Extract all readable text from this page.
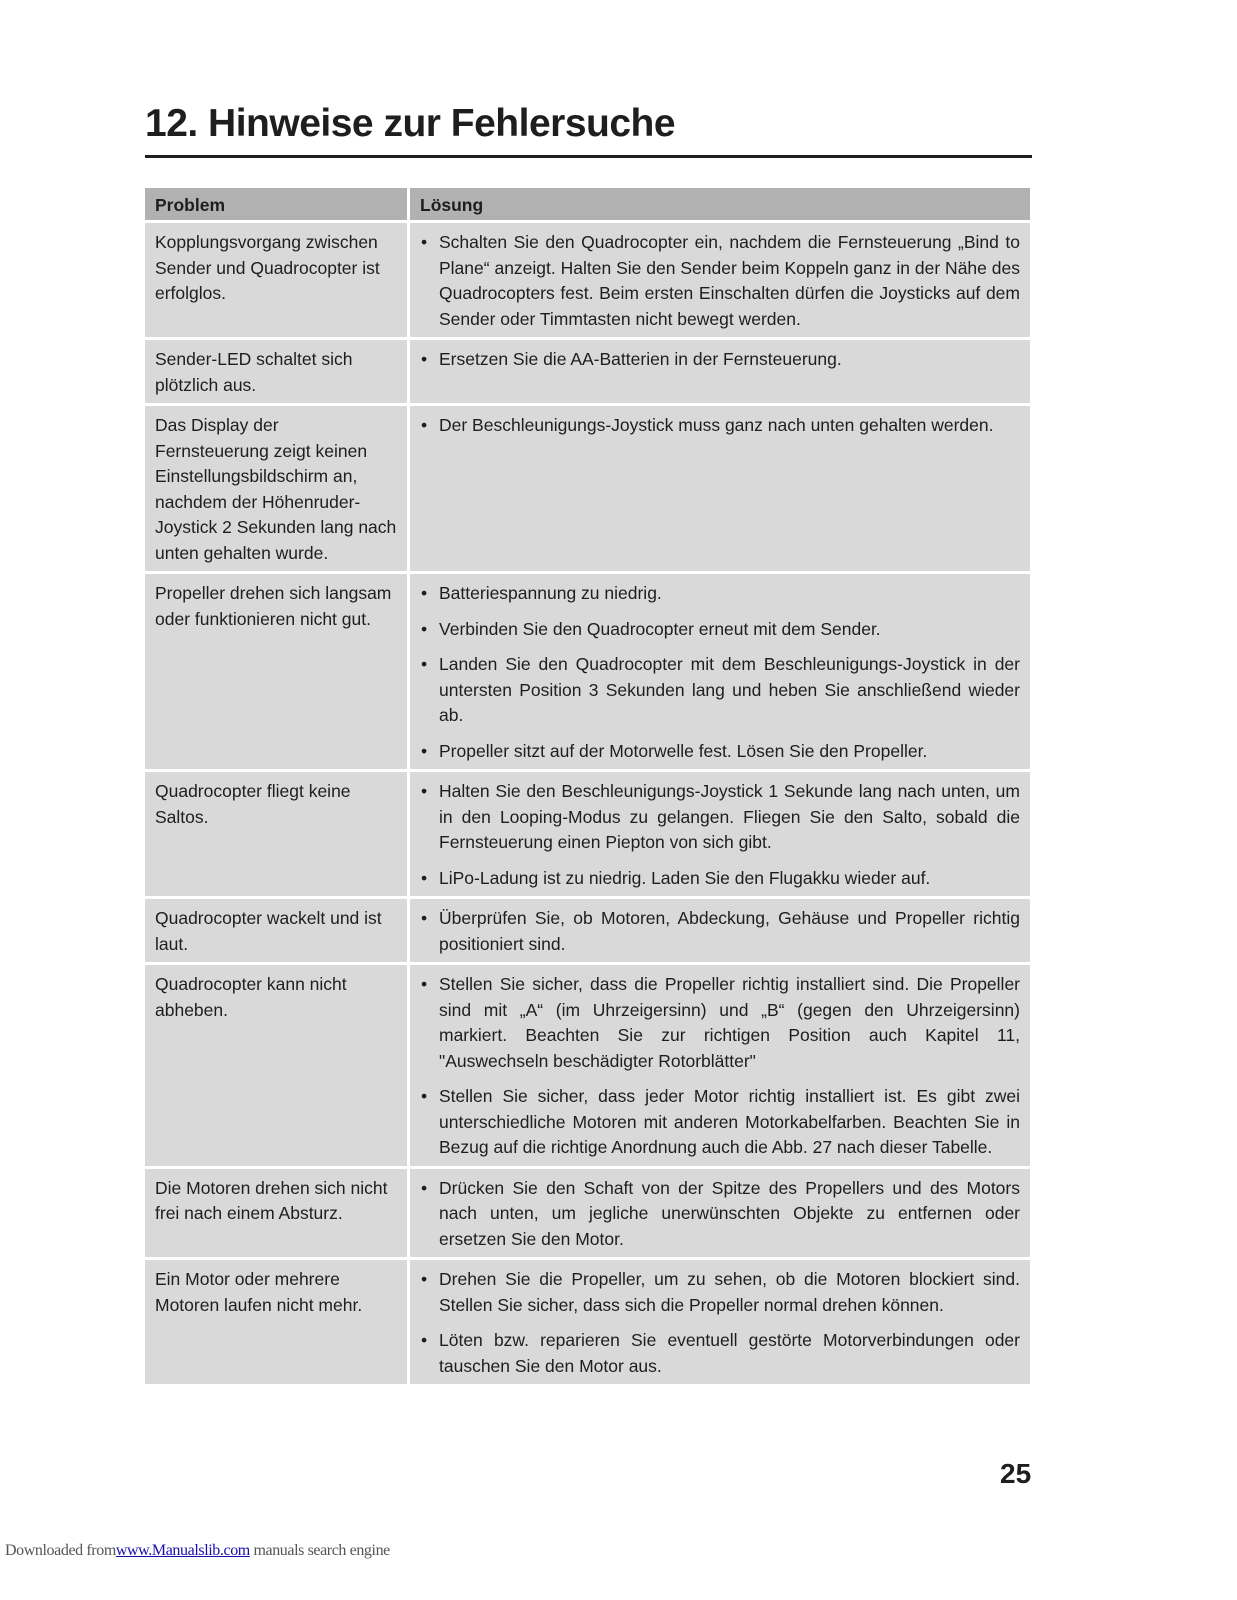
12. Hinweise zur Fehlersuche
Problem	Lösung
Kopplungsvorgang zwischen Sender und Quadrocopter ist erfolglos.
• Schalten Sie den Quadrocopter ein, nachdem die Fernsteuerung „Bind to Plane“ anzeigt. Halten Sie den Sender beim Koppeln ganz in der Nähe des Quadrocopters fest. Beim ersten Einschalten dürfen die Joysticks auf dem Sender oder Timmtasten nicht bewegt werden.
Sender-LED schaltet sich plötzlich aus.
• Ersetzen Sie die AA-Batterien in der Fernsteuerung.
Das Display der Fernsteuerung zeigt keinen Einstellungsbildschirm an, nachdem der Höhenruder-Joystick 2 Sekunden lang nach unten gehalten wurde.
• Der Beschleunigungs-Joystick muss ganz nach unten gehalten werden.
Propeller drehen sich langsam oder funktionieren nicht gut.
• Batteriespannung zu niedrig.
• Verbinden Sie den Quadrocopter erneut mit dem Sender.
• Landen Sie den Quadrocopter mit dem Beschleunigungs-Joystick in der untersten Position 3 Sekunden lang und heben Sie anschließend wieder ab.
• Propeller sitzt auf der Motorwelle fest. Lösen Sie den Propeller.
Quadrocopter fliegt keine Saltos.
• Halten Sie den Beschleunigungs-Joystick 1 Sekunde lang nach unten, um in den Looping-Modus zu gelangen. Fliegen Sie den Salto, sobald die Fernsteuerung einen Piepton von sich gibt.
• LiPo-Ladung ist zu niedrig. Laden Sie den Flugakku wieder auf.
Quadrocopter wackelt und ist laut.
• Überprüfen Sie, ob Motoren, Abdeckung, Gehäuse und Propeller richtig positioniert sind.
Quadrocopter kann nicht abheben.
• Stellen Sie sicher, dass die Propeller richtig installiert sind. Die Propeller sind mit „A“ (im Uhrzeigersinn) und „B“ (gegen den Uhrzeigersinn) markiert. Beachten Sie zur richtigen Position auch Kapitel 11, "Auswechseln beschädigter Rotorblätter"
• Stellen Sie sicher, dass jeder Motor richtig installiert ist. Es gibt zwei unterschiedliche Motoren mit anderen Motorkabelfarben. Beachten Sie in Bezug auf die richtige Anordnung auch die Abb. 27 nach dieser Tabelle.
Die Motoren drehen sich nicht frei nach einem Absturz.
• Drücken Sie den Schaft von der Spitze des Propellers und des Motors nach unten, um jegliche unerwünschten Objekte zu entfernen oder ersetzen Sie den Motor.
Ein Motor oder mehrere Motoren laufen nicht mehr.
• Drehen Sie die Propeller, um zu sehen, ob die Motoren blockiert sind. Stellen Sie sicher, dass sich die Propeller normal drehen können.
• Löten bzw. reparieren Sie eventuell gestörte Motorverbindungen oder tauschen Sie den Motor aus.
25
Downloaded fromwww.Manualslib.com manuals search engine
